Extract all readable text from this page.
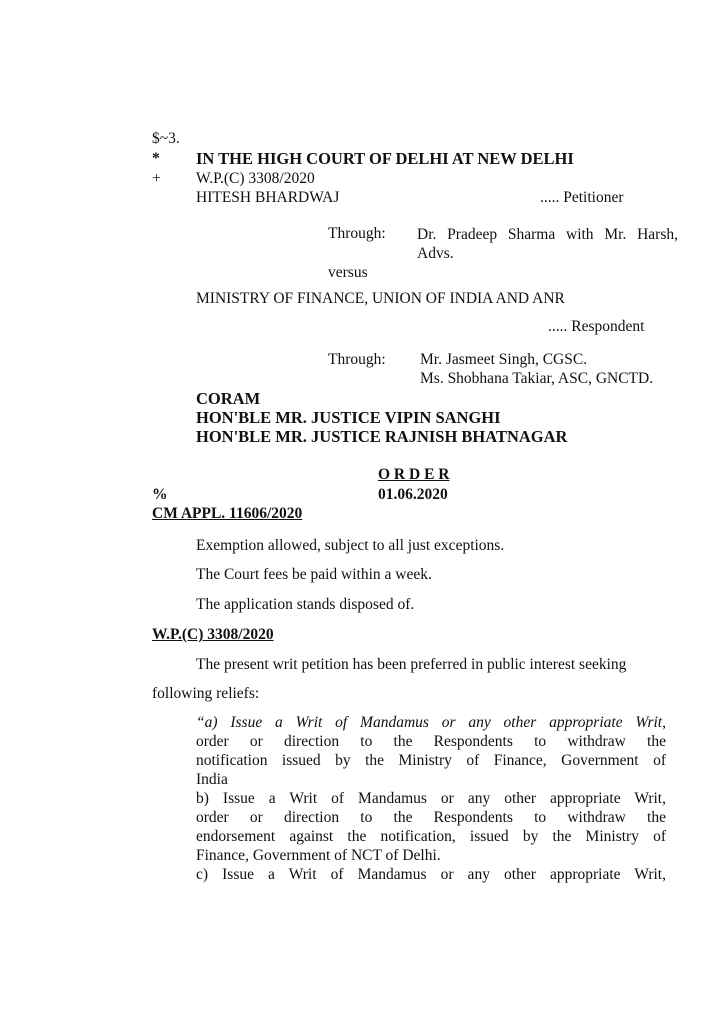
$~3.
* IN THE HIGH COURT OF DELHI AT NEW DELHI
+ W.P.(C) 3308/2020
HITESH BHARDWAJ	..... Petitioner
Through: Dr. Pradeep Sharma with Mr. Harsh,
Advs.
versus
MINISTRY OF FINANCE, UNION OF INDIA AND ANR
..... Respondent
Through: Mr. Jasmeet Singh, CGSC.
Ms. Shobhana Takiar, ASC, GNCTD.
CORAM
HON'BLE MR. JUSTICE VIPIN SANGHI
HON'BLE MR. JUSTICE RAJNISH BHATNAGAR
O R D E R
%	01.06.2020
CM APPL. 11606/2020
Exemption allowed, subject to all just exceptions.
The Court fees be paid within a week.
The application stands disposed of.
W.P.(C) 3308/2020
The present writ petition has been preferred in public interest seeking
following reliefs:
“a) Issue a Writ of Mandamus or any other appropriate Writ,
order or direction to the Respondents to withdraw the
notification issued by the Ministry of Finance, Government of
India
b) Issue a Writ of Mandamus or any other appropriate Writ,
order or direction to the Respondents to withdraw the
endorsement against the notification, issued by the Ministry of
Finance, Government of NCT of Delhi.
c) Issue a Writ of Mandamus or any other appropriate Writ,
